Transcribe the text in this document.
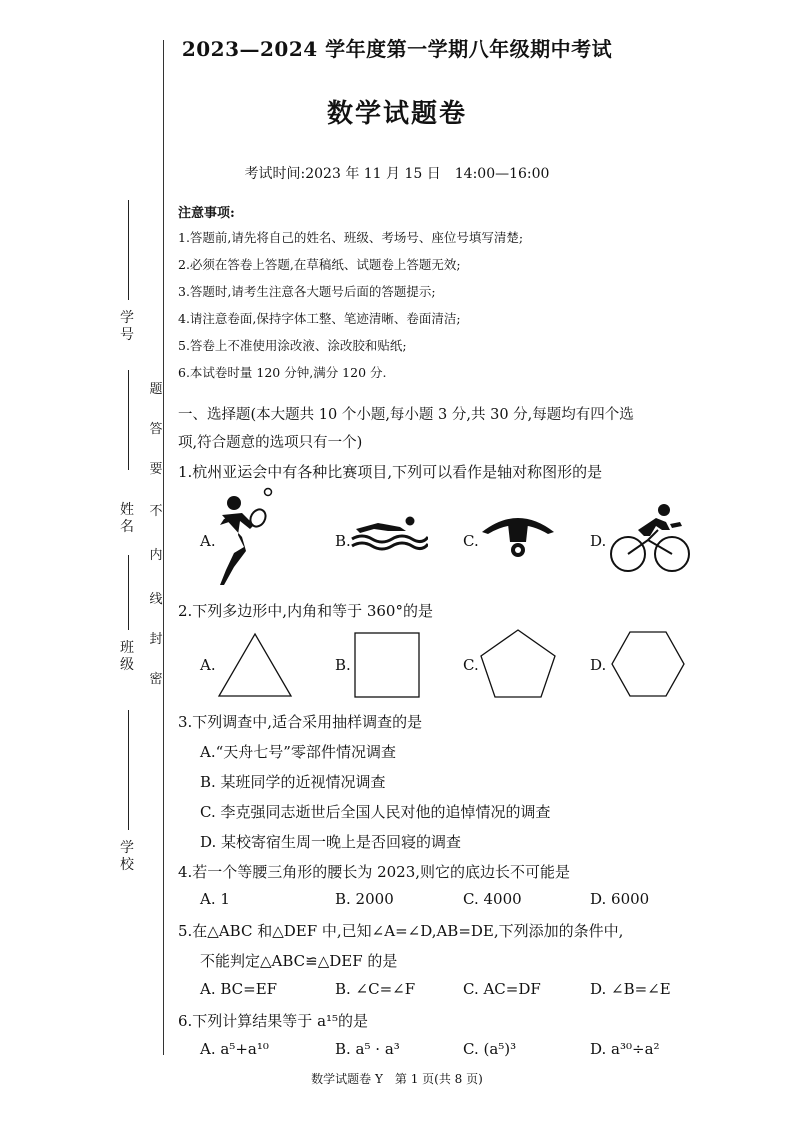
学号
姓名
班级
学校
题
答
要
不
内
线
封
密
2023—2024 学年度第一学期八年级期中考试
数学试题卷
考试时间:2023 年 11 月 15 日　14:00—16:00
注意事项:
1.答题前,请先将自己的姓名、班级、考场号、座位号填写清楚;
2.必须在答卷上答题,在草稿纸、试题卷上答题无效;
3.答题时,请考生注意各大题号后面的答题提示;
4.请注意卷面,保持字体工整、笔迹清晰、卷面清洁;
5.答卷上不准使用涂改液、涂改胶和贴纸;
6.本试卷时量 120 分钟,满分 120 分.
一、选择题(本大题共 10 个小题,每小题 3 分,共 30 分,每题均有四个选
项,符合题意的选项只有一个)
1.杭州亚运会中有各种比赛项目,下列可以看作是轴对称图形的是
A.	B.	C.	D.
2.下列多边形中,内角和等于 360°的是
A.	B.	C.	D.
3.下列调查中,适合采用抽样调查的是
A.“天舟七号”零部件情况调查
B. 某班同学的近视情况调查
C. 李克强同志逝世后全国人民对他的追悼情况的调查
D. 某校寄宿生周一晚上是否回寝的调查
4.若一个等腰三角形的腰长为 2023,则它的底边长不可能是
A. 1	B. 2000	C. 4000	D. 6000
5.在△ABC 和△DEF 中,已知∠A=∠D,AB=DE,下列添加的条件中,
不能判定△ABC≌△DEF 的是
A. BC=EF	B. ∠C=∠F	C. AC=DF	D. ∠B=∠E
6.下列计算结果等于 a¹⁵的是
A. a⁵+a¹⁰	B. a⁵ · a³	C. (a⁵)³	D. a³⁰÷a²
数学试题卷 Y　第 1 页(共 8 页)
